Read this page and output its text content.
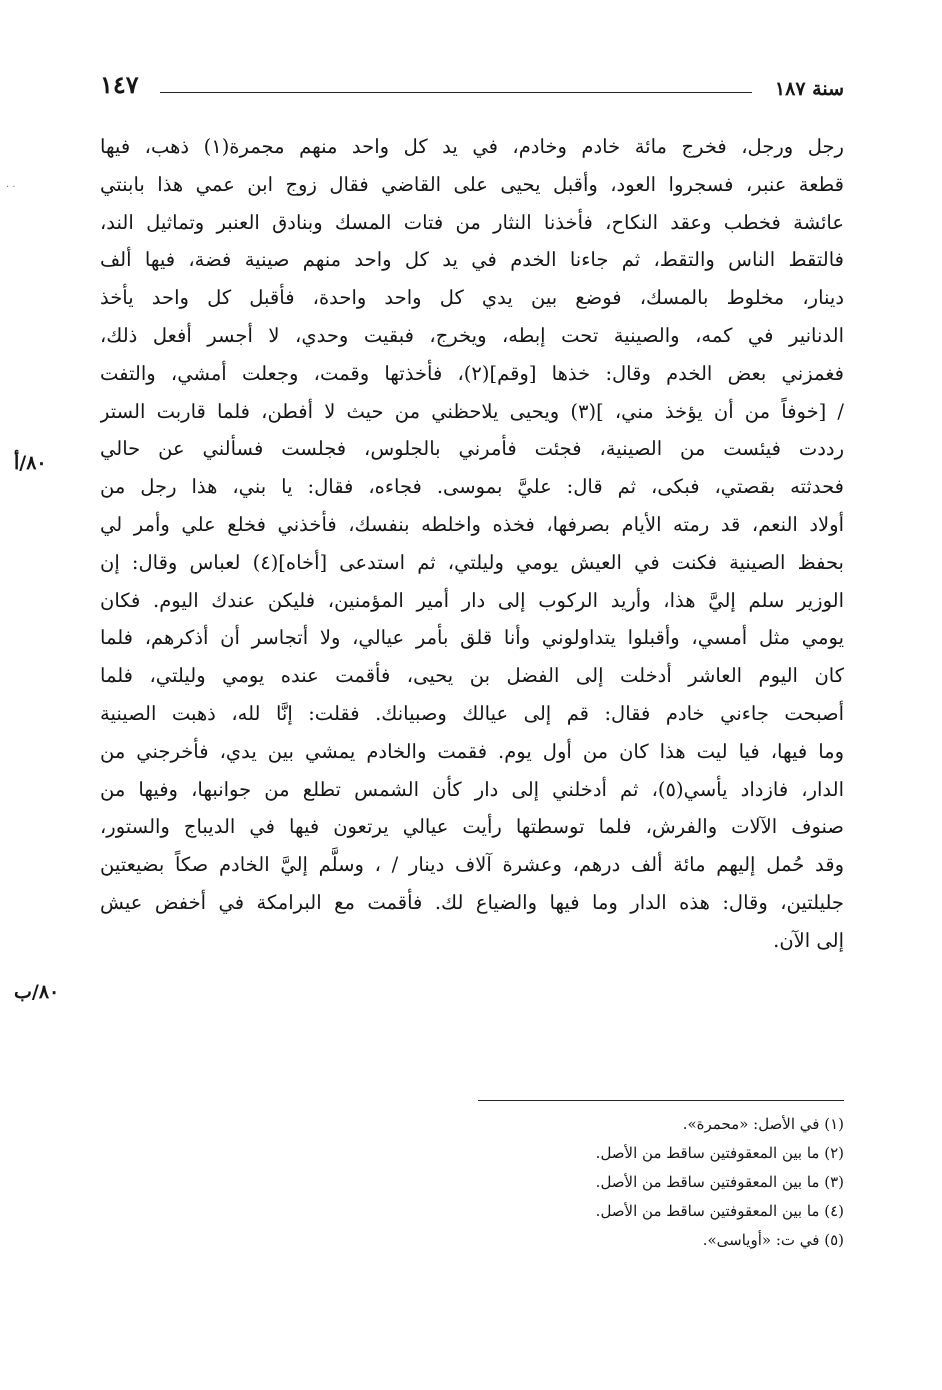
سنة ١٨٧
١٤٧
· ·
رجل ورجل، فخرج مائة خادم وخادم، في يد كل واحد منهم مجمرة(١) ذهب، فيها
قطعة عنبر، فسجروا العود، وأقبل يحيى على القاضي فقال زوج ابن عمي هذا بابنتي
عائشة فخطب وعقد النكاح، فأخذنا النثار من فتات المسك وبنادق العنبر وتماثيل الند،
فالتقط الناس والتقط، ثم جاءنا الخدم في يد كل واحد منهم صينية فضة، فيها ألف
دينار، مخلوط بالمسك، فوضع بين يدي كل واحد واحدة، فأقبل كل واحد يأخذ
الدنانير في كمه، والصينية تحت إبطه، ويخرج، فبقيت وحدي، لا أجسر أفعل ذلك،
فغمزني بعض الخدم وقال: خذها [وقم](٢)، فأخذتها وقمت، وجعلت أمشي، والتفت
/ [خوفاً من أن يؤخذ مني، ](٣) ويحيى يلاحظني من حيث لا أفطن، فلما قاربت الستر
رددت فيئست من الصينية، فجئت فأمرني بالجلوس، فجلست فسألني عن حالي
فحدثته بقصتي، فبكى، ثم قال: عليَّ بموسى. فجاءه، فقال: يا بني، هذا رجل من
أولاد النعم، قد رمته الأيام بصرفها، فخذه واخلطه بنفسك، فأخذني فخلع علي وأمر لي
بحفظ الصينية فكنت في العيش يومي وليلتي، ثم استدعى [أخاه](٤) لعباس وقال: إن
الوزير سلم إليَّ هذا، وأريد الركوب إلى دار أمير المؤمنين، فليكن عندك اليوم. فكان
يومي مثل أمسي، وأقبلوا يتداولوني وأنا قلق بأمر عيالي، ولا أتجاسر أن أذكرهم، فلما
كان اليوم العاشر أدخلت إلى الفضل بن يحيى، فأقمت عنده يومي وليلتي، فلما
أصبحت جاءني خادم فقال: قم إلى عيالك وصبيانك. فقلت: إنَّا لله، ذهبت الصينية
وما فيها، فيا ليت هذا كان من أول يوم. فقمت والخادم يمشي بين يدي، فأخرجني من
الدار، فازداد يأسي(٥)، ثم أدخلني إلى دار كأن الشمس تطلع من جوانبها، وفيها من
صنوف الآلات والفرش، فلما توسطتها رأيت عيالي يرتعون فيها في الديباج والستور،
وقد حُمل إليهم مائة ألف درهم، وعشرة آلاف دينار / ، وسلَّم إليَّ الخادم صكاً بضيعتين
جليلتين، وقال: هذه الدار وما فيها والضياع لك. فأقمت مع البرامكة في أخفض عيش
إلى الآن.
٨٠/أ
٨٠/ب
(١) في الأصل: «محمرة».
(٢) ما بين المعقوفتين ساقط من الأصل.
(٣) ما بين المعقوفتين ساقط من الأصل.
(٤) ما بين المعقوفتين ساقط من الأصل.
(٥) في ت: «أوياسى».
